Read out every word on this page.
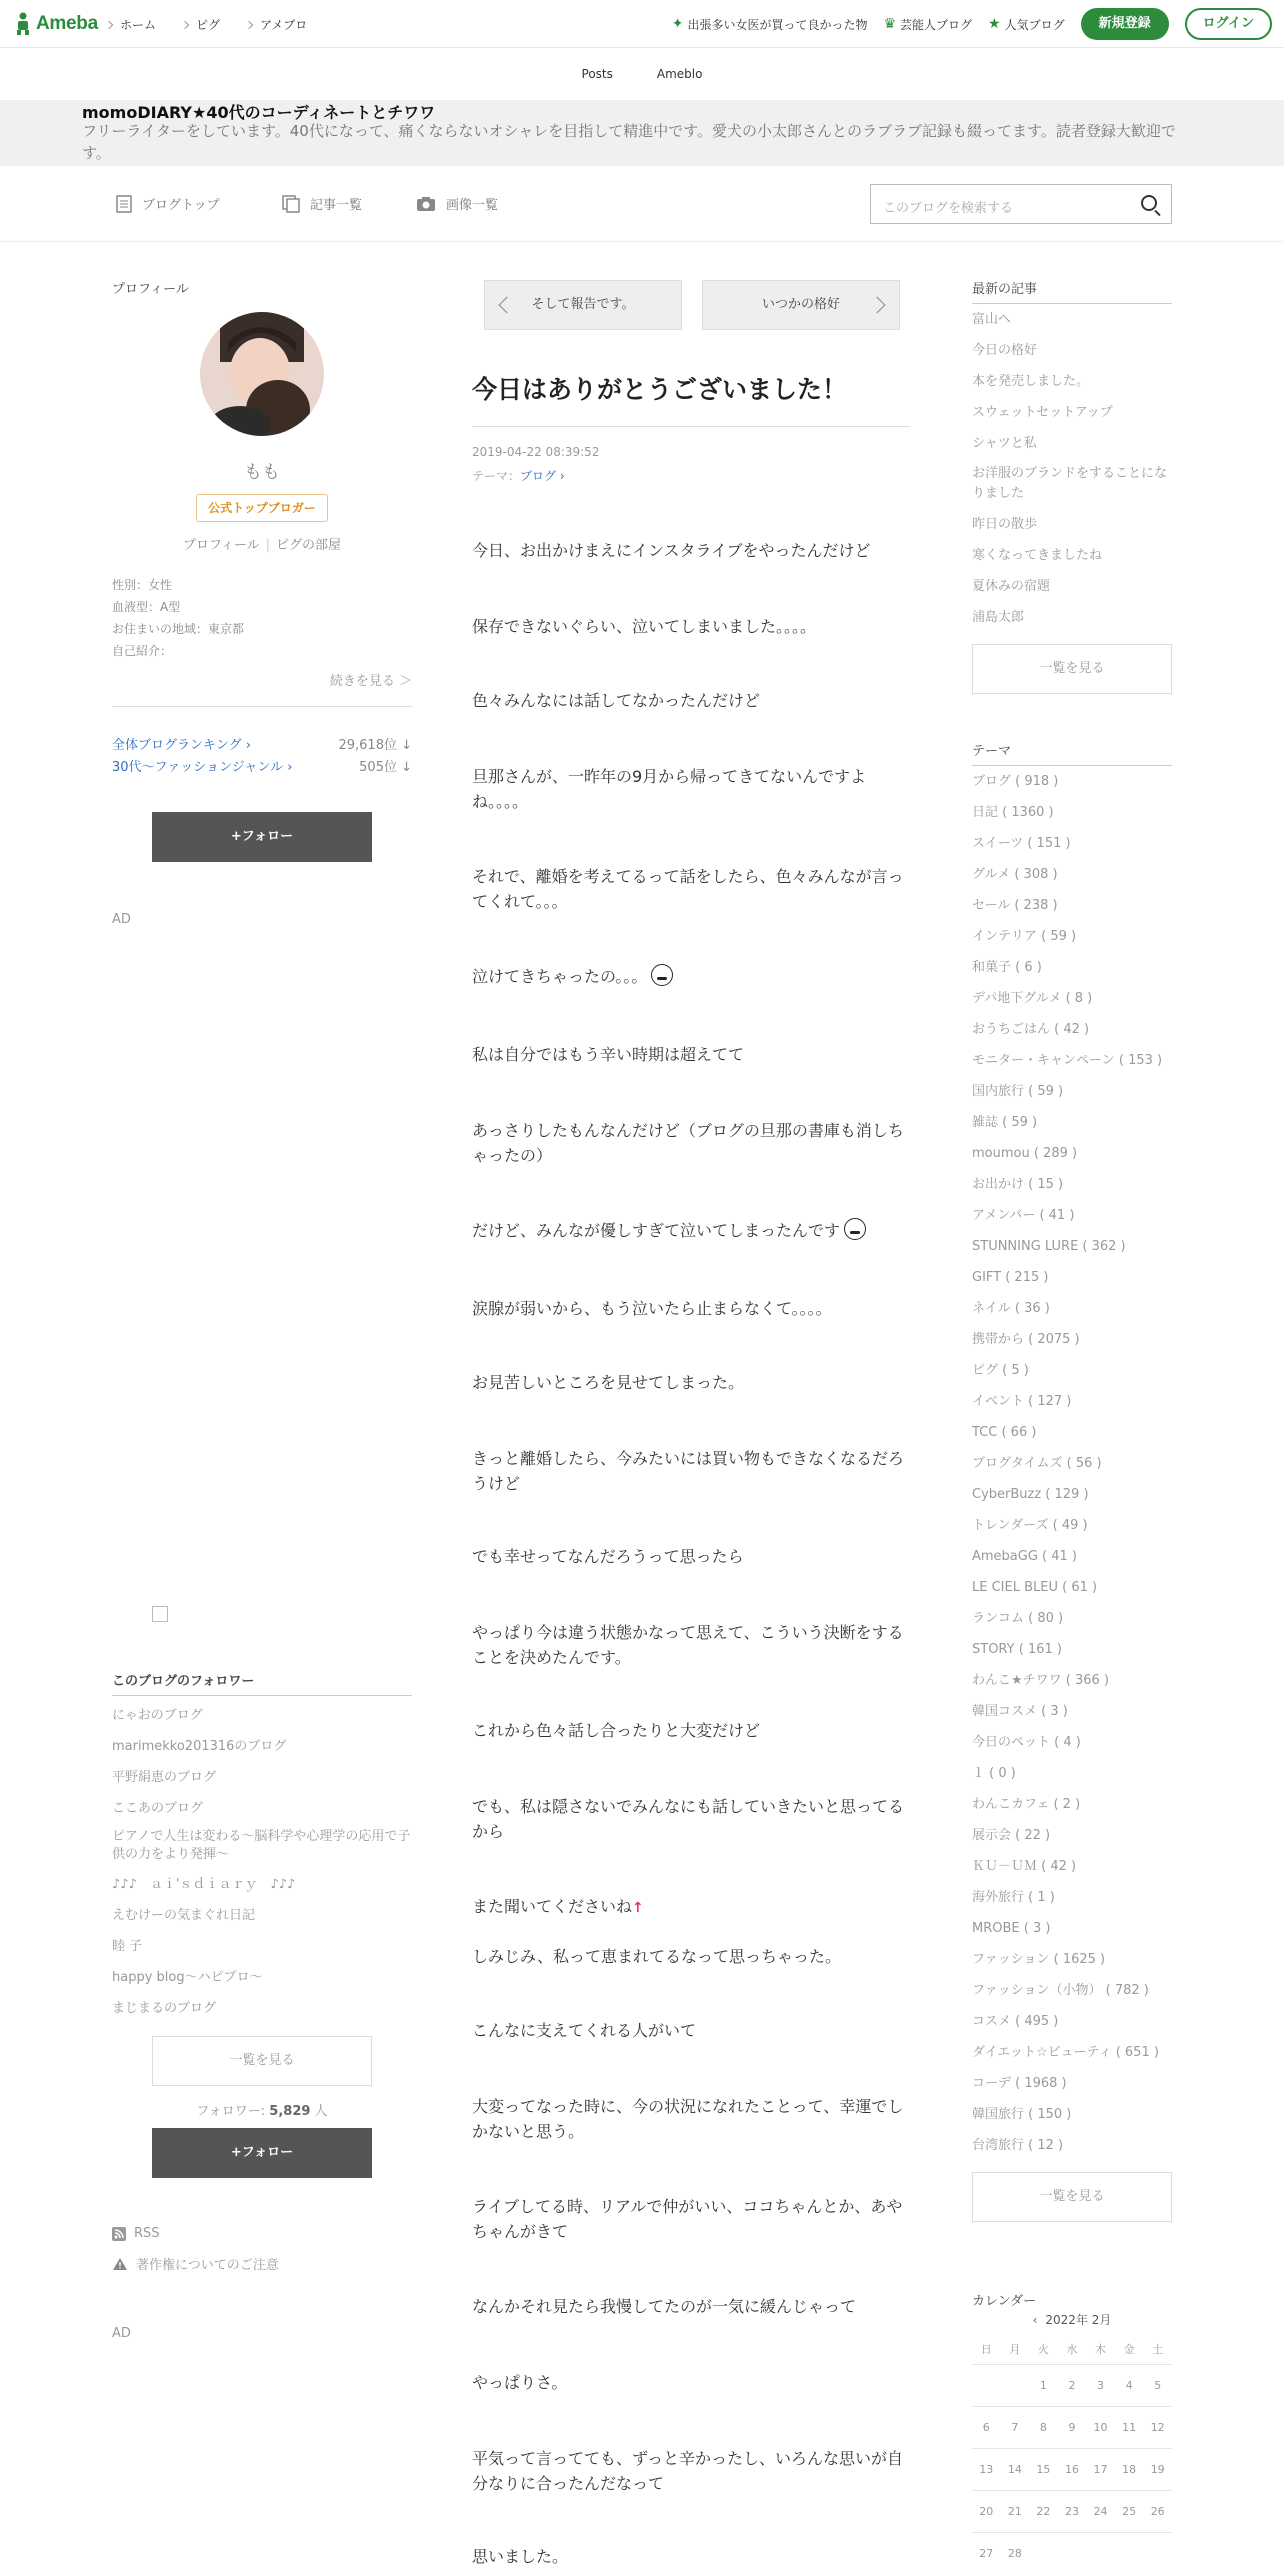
Ameba ホーム	ピグ	アメブロ	✦ 出張多い女医が買って良かった物 ♛ 芸能人ブログ ★ 人気ブログ	新規登録	ログイン
Posts	Ameblo
momoDIARY★40代のコーディネートとチワワ
フリーライターをしています。40代になって、痛くならないオシャレを目指して精進中です。愛犬の小太郎さんとのラブラブ記録も綴ってます。読者登録大歓迎です。
ブログトップ	記事一覧	画像一覧	このブログを検索する
プロフィール
もも
公式トップブロガー
プロフィール | ピグの部屋
性別：女性
血液型：A型
お住まいの地域：東京都
自己紹介：
続きを見る ＞
全体ブログランキング ›	29,618位 ↓
30代〜ファッションジャンル ›	505位 ↓
+フォロー
AD
このブログのフォロワー
にゃおのブログ
marimekko201316のブログ
平野絹恵のブログ
ここあのブログ
ピアノで人生は変わる～脳科学や心理学の応用で子供の力をより発揮～
♪♪♪　ａｉ'ｓｄｉａｒｙ　♪♪♪
えむけーの気まぐれ日記
睦 子
happy blog～ハピブロ～
まじまるのブログ
一覧を見る
フォロワー: 5,829 人
+フォロー
RSS
著作権についてのご注意
AD
そして報告です。	いつかの格好
今日はありがとうございました！
2019-04-22 08:39:52
テーマ：ブログ ›
今日、お出かけまえにインスタライブをやったんだけど
保存できないぐらい、泣いてしまいました。。。。
色々みんなには話してなかったんだけど
旦那さんが、一昨年の9月から帰ってきてないんですよね。。。。
それで、離婚を考えてるって話をしたら、色々みんなが言ってくれて。。。
泣けてきちゃったの。。。
私は自分ではもう辛い時期は超えてて
あっさりしたもんなんだけど（ブログの旦那の書庫も消しちゃったの）
だけど、みんなが優しすぎて泣いてしまったんです
涙腺が弱いから、もう泣いたら止まらなくて。。。。
お見苦しいところを見せてしまった。
きっと離婚したら、今みたいには買い物もできなくなるだろうけど
でも幸せってなんだろうって思ったら
やっぱり今は違う状態かなって思えて、こういう決断をすることを決めたんです。
これから色々話し合ったりと大変だけど
でも、私は隠さないでみんなにも話していきたいと思ってるから
また聞いてくださいね↑
しみじみ、私って恵まれてるなって思っちゃった。
こんなに支えてくれる人がいて
大変ってなった時に、今の状況になれたことって、幸運でしかないと思う。
ライブしてる時、リアルで仲がいい、ココちゃんとか、あやちゃんがきて
なんかそれ見たら我慢してたのが一気に緩んじゃって
やっぱりさ。
平気って言ってても、ずっと辛かったし、いろんな思いが自分なりに合ったんだなって
思いました。
最新の記事
富山へ
今日の格好
本を発売しました。
スウェットセットアップ
シャツと私
お洋服のブランドをすることになりました
昨日の散歩
寒くなってきましたね
夏休みの宿題
浦島太郎
一覧を見る
テーマ
ブログ ( 918 )
日記 ( 1360 )
スイーツ ( 151 )
グルメ ( 308 )
セール ( 238 )
インテリア ( 59 )
和菓子 ( 6 )
デパ地下グルメ ( 8 )
おうちごはん ( 42 )
モニター・キャンペーン ( 153 )
国内旅行 ( 59 )
雑誌 ( 59 )
moumou ( 289 )
お出かけ ( 15 )
アメンバー ( 41 )
STUNNING LURE ( 362 )
GIFT ( 215 )
ネイル ( 36 )
携帯から ( 2075 )
ピグ ( 5 )
イベント ( 127 )
TCC ( 66 )
ブログタイムズ ( 56 )
CyberBuzz ( 129 )
トレンダーズ ( 49 )
AmebaGG ( 41 )
LE CIEL BLEU ( 61 )
ランコム ( 80 )
STORY ( 161 )
わんこ★チワワ ( 366 )
韓国コスメ ( 3 )
今日のペット ( 4 )
１ ( 0 )
わんこカフェ ( 2 )
展示会 ( 22 )
ＫＵ－ＵＭ ( 42 )
海外旅行 ( 1 )
MROBE ( 3 )
ファッション ( 1625 )
ファッション（小物） ( 782 )
コスメ ( 495 )
ダイエット☆ビューティ ( 651 )
コーデ ( 1968 )
韓国旅行 ( 150 )
台湾旅行 ( 12 )
一覧を見る
カレンダー
‹ 2022年 2月
日	月	火	水	木	金	土
		1	2	3	4	5
6	7	8	9	10	11	12
13	14	15	16	17	18	19
20	21	22	23	24	25	26
27	28					
